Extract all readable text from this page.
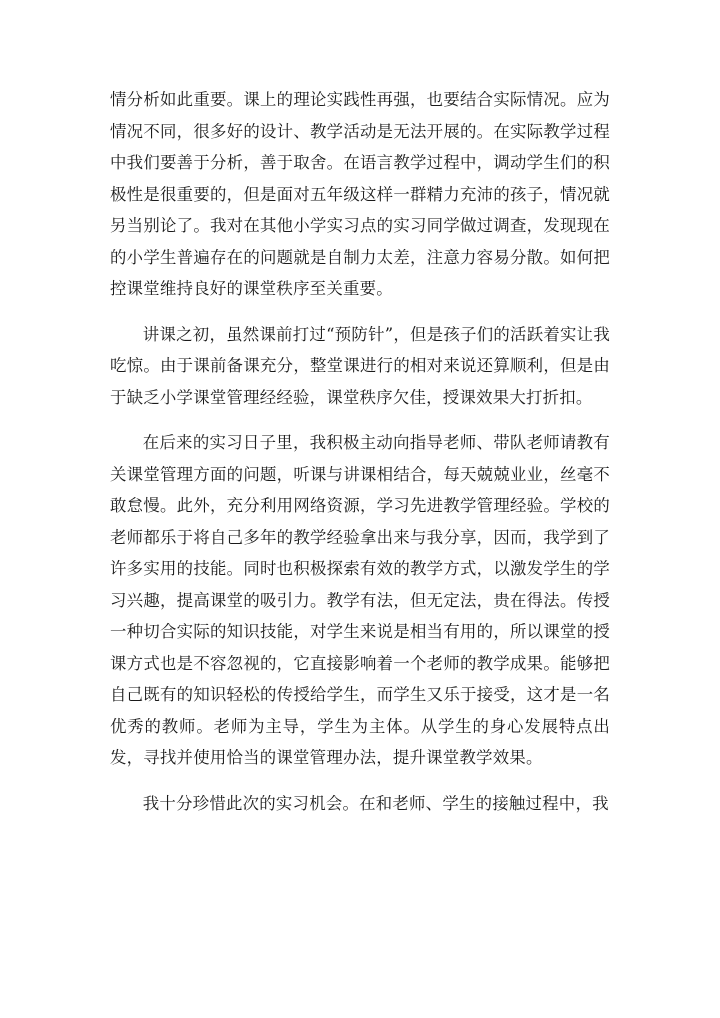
情分析如此重要。课上的理论实践性再强，也要结合实际情况。应为情况不同，很多好的设计、教学活动是无法开展的。在实际教学过程中我们要善于分析，善于取舍。在语言教学过程中，调动学生们的积极性是很重要的，但是面对五年级这样一群精力充沛的孩子，情况就另当别论了。我对在其他小学实习点的实习同学做过调查，发现现在的小学生普遍存在的问题就是自制力太差，注意力容易分散。如何把控课堂维持良好的课堂秩序至关重要。

讲课之初，虽然课前打过“预防针”，但是孩子们的活跃着实让我吃惊。由于课前备课充分，整堂课进行的相对来说还算顺利，但是由于缺乏小学课堂管理经经验，课堂秩序欠佳，授课效果大打折扣。

在后来的实习日子里，我积极主动向指导老师、带队老师请教有关课堂管理方面的问题，听课与讲课相结合，每天兢兢业业，丝毫不敢怠慢。此外，充分利用网络资源，学习先进教学管理经验。学校的老师都乐于将自己多年的教学经验拿出来与我分享，因而，我学到了许多实用的技能。同时也积极探索有效的教学方式，以激发学生的学习兴趣，提高课堂的吸引力。教学有法，但无定法，贵在得法。传授一种切合实际的知识技能，对学生来说是相当有用的，所以课堂的授课方式也是不容忽视的，它直接影响着一个老师的教学成果。能够把自己既有的知识轻松的传授给学生，而学生又乐于接受，这才是一名优秀的教师。老师为主导，学生为主体。从学生的身心发展特点出发，寻找并使用恰当的课堂管理办法，提升课堂教学效果。

我十分珍惜此次的实习机会。在和老师、学生的接触过程中，我
